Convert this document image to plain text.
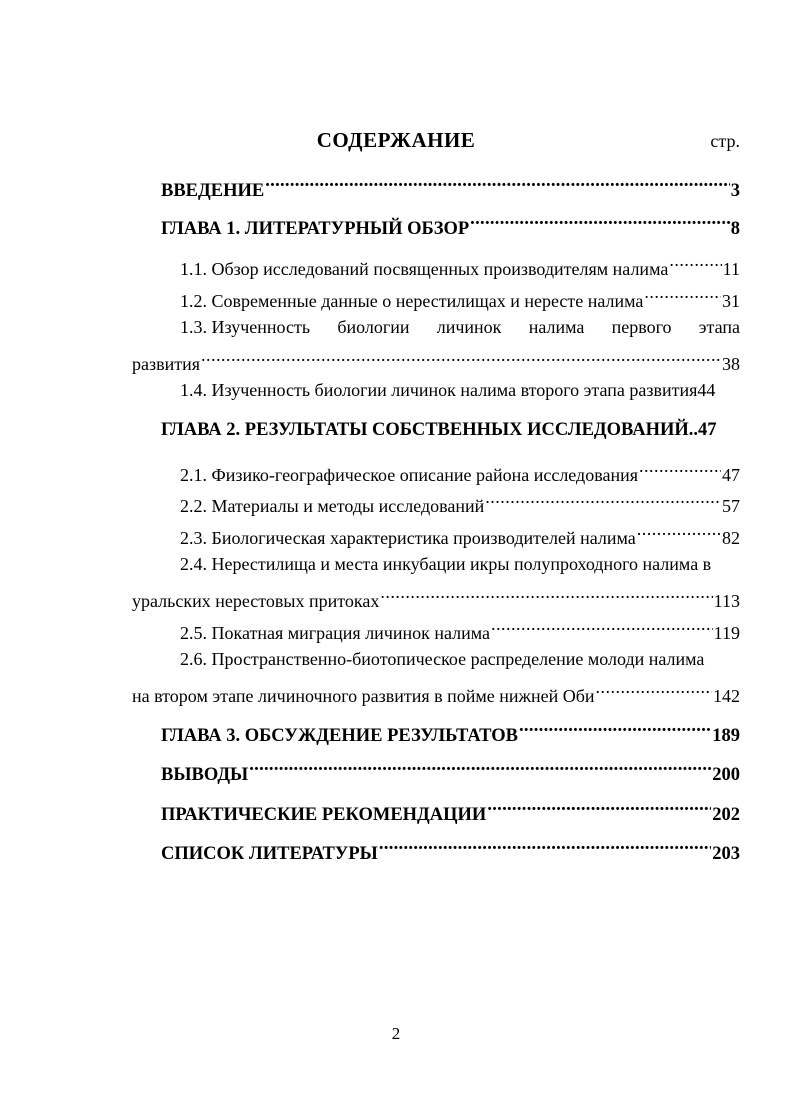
СОДЕРЖАНИЕ	стр.
ВВЕДЕНИЕ .....	3
ГЛАВА 1. ЛИТЕРАТУРНЫЙ ОБЗОР .....	8
1.1. Обзор исследований посвященных производителям налима .....	11
1.2. Современные данные о нерестилищах и нересте налима .....	31
1.3. Изученность биологии личинок налима первого этапа
развития .....	38
1.4. Изученность биологии личинок налима второго этапа развития 44
ГЛАВА 2. РЕЗУЛЬТАТЫ СОБСТВЕННЫХ ИССЛЕДОВАНИЙ.. 47
2.1. Физико-географическое описание района исследования .....	47
2.2. Материалы и методы исследований .....	57
2.3. Биологическая характеристика производителей налима .....	82
2.4. Нерестилища и места инкубации икры полупроходного налима в
уральских нерестовых притоках .....	113
2.5. Покатная миграция личинок налима .....	119
2.6. Пространственно-биотопическое распределение молоди налима
на втором этапе личиночного развития в пойме нижней Оби .....	142
ГЛАВА 3. ОБСУЖДЕНИЕ РЕЗУЛЬТАТОВ .....	189
ВЫВОДЫ .....	200
ПРАКТИЧЕСКИЕ РЕКОМЕНДАЦИИ .....	202
СПИСОК ЛИТЕРАТУРЫ .....	203
2
